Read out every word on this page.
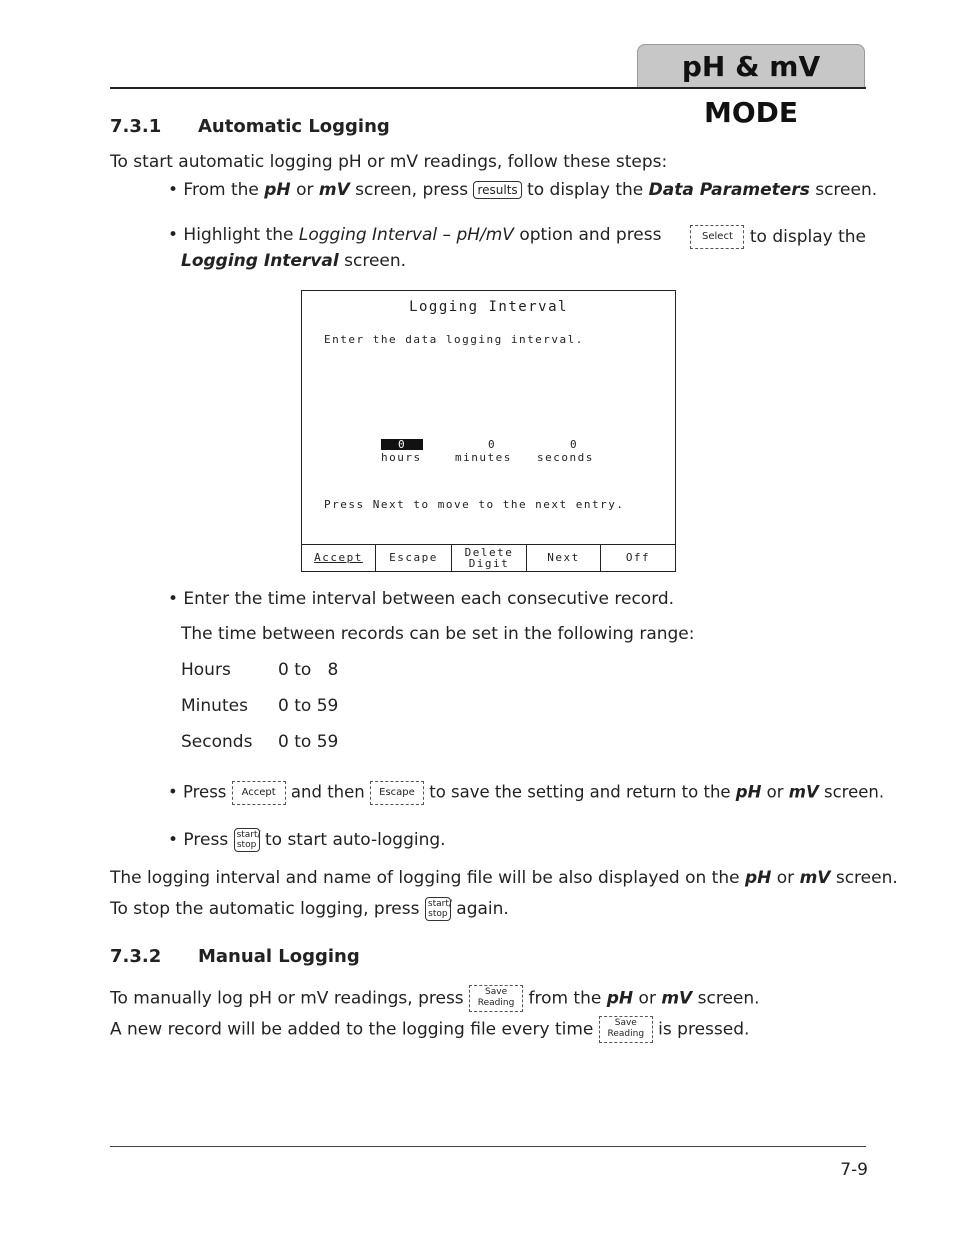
pH & mV MODE
7.3.1 Automatic Logging
To start automatic logging pH or mV readings, follow these steps:
• From the pH or mV screen, press results to display the Data Parameters screen.
• Highlight the Logging Interval – pH/mV option and press	Select to display the
Logging Interval screen.
Logging Interval
Enter the data logging interval.
0
hours
0
minutes
0
seconds
Press Next to move to the next entry.
Accept	Escape	Delete Digit	Next	Off
• Enter the time interval between each consecutive record.
The time between records can be set in the following range:
Hours	0 to   8
Minutes 0 to 59
Seconds 0 to 59
• Press Accept and then Escape to save the setting and return to the pH or mV screen.
• Press start/
stop to start auto-logging.
The logging interval and name of logging file will be also displayed on the pH or mV screen.
To stop the automatic logging, press start/
stop again.
7.3.2 Manual Logging
To manually log pH or mV readings, press Save
Reading from the pH or mV screen.
A new record will be added to the logging file every time Save
Reading is pressed.
7-9
